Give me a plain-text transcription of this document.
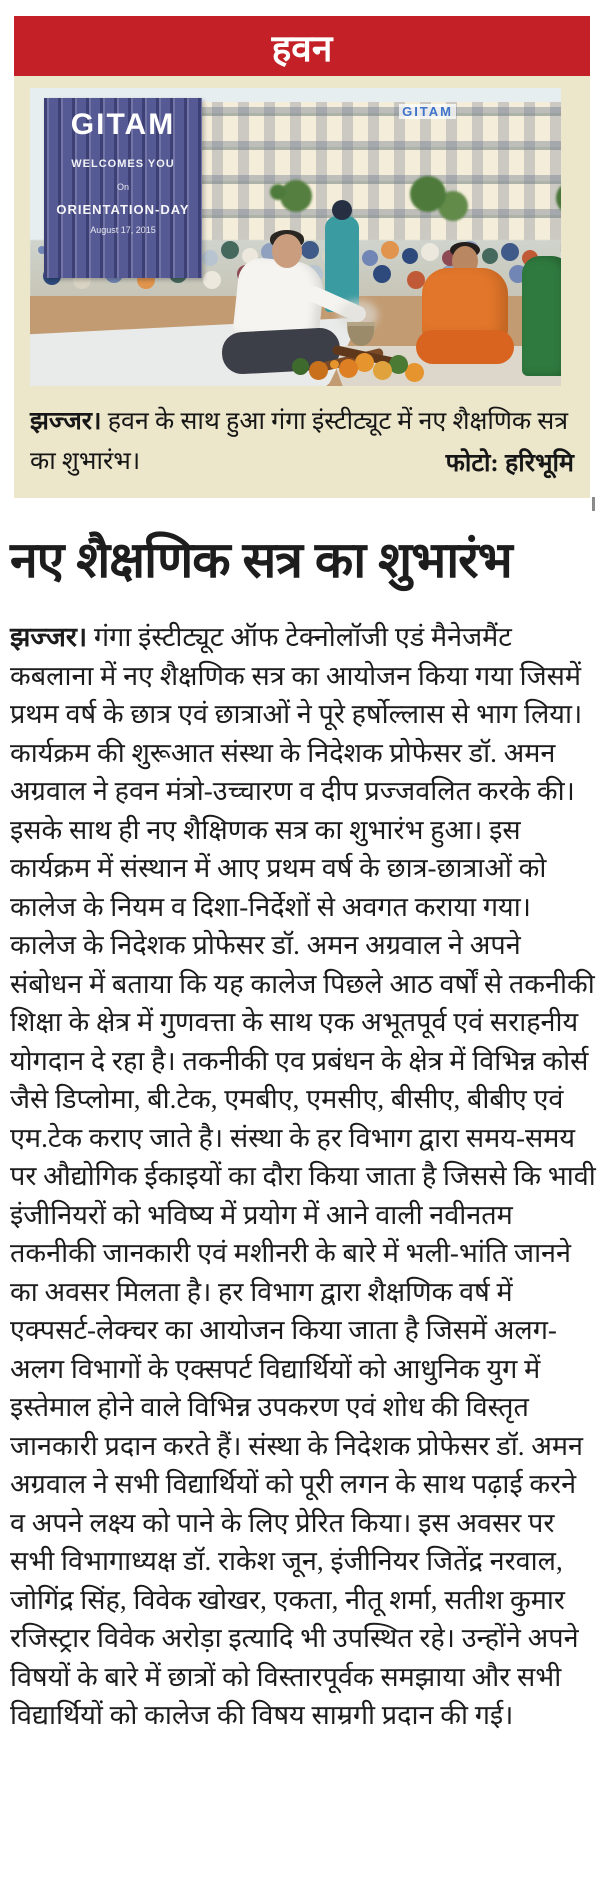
हवन
GITAM
GITAM
WELCOMES YOU
On
ORIENTATION-DAY
August 17, 2015
झज्जर। हवन के साथ हुआ गंगा इंस्टीट्यूट में नए शैक्षणिक सत्र का शुभारंभ।	फोटो: हरिभूमि
नए शैक्षणिक सत्र का शुभारंभ

झज्जर। गंगा इंस्टीट्यूट ऑफ टेक्नोलॉजी एडं मैनेजमैंट कबलाना में नए शैक्षणिक सत्र का आयोजन किया गया जिसमें प्रथम वर्ष के छात्र एवं छात्राओं ने पूरे हर्षोल्लास से भाग लिया। कार्यक्रम की शुरूआत संस्था के निदेशक प्रोफेसर डॉ. अमन अग्रवाल ने हवन मंत्रो-उच्चारण व दीप प्रज्जवलित करके की। इसके साथ ही नए शैक्षिणक सत्र का शुभारंभ हुआ। इस कार्यक्रम में संस्थान में आए प्रथम वर्ष के छात्र-छात्राओं को कालेज के नियम व दिशा-निर्देशों से अवगत कराया गया। कालेज के निदेशक प्रोफेसर डॉ. अमन अग्रवाल ने अपने संबोधन में बताया कि यह कालेज पिछले आठ वर्षों से तकनीकी शिक्षा के क्षेत्र में गुणवत्ता के साथ एक अभूतपूर्व एवं सराहनीय योगदान दे रहा है। तकनीकी एव प्रबंधन के क्षेत्र में विभिन्न कोर्स जैसे डिप्लोमा, बी.टेक, एमबीए, एमसीए, बीसीए, बीबीए एवं एम.टेक कराए जाते है। संस्था के हर विभाग द्वारा समय-समय पर औद्योगिक ईकाइयों का दौरा किया जाता है जिससे कि भावी इंजीनियरों को भविष्य में प्रयोग में आने वाली नवीनतम तकनीकी जानकारी एवं मशीनरी के बारे में भली-भांति जानने का अवसर मिलता है। हर विभाग द्वारा शैक्षणिक वर्ष में एक्पसर्ट-लेक्चर का आयोजन किया जाता है जिसमें अलग-अलग विभागों के एक्सपर्ट विद्यार्थियों को आधुनिक युग में इस्तेमाल होने वाले विभिन्न उपकरण एवं शोध की विस्तृत जानकारी प्रदान करते हैं। संस्था के निदेशक प्रोफेसर डॉ. अमन अग्रवाल ने सभी विद्यार्थियों को पूरी लगन के साथ पढ़ाई करने व अपने लक्ष्य को पाने के लिए प्रेरित किया। इस अवसर पर सभी विभागाध्यक्ष डॉ. राकेश जून, इंजीनियर जितेंद्र नरवाल, जोगिंद्र सिंह, विवेक खोखर, एकता, नीतू शर्मा, सतीश कुमार रजिस्ट्रार विवेक अरोड़ा इत्यादि भी उपस्थित रहे। उन्होंने अपने विषयों के बारे में छात्रों को विस्तारपूर्वक समझाया और सभी विद्यार्थियों को कालेज की विषय साम्रगी प्रदान की गई।
